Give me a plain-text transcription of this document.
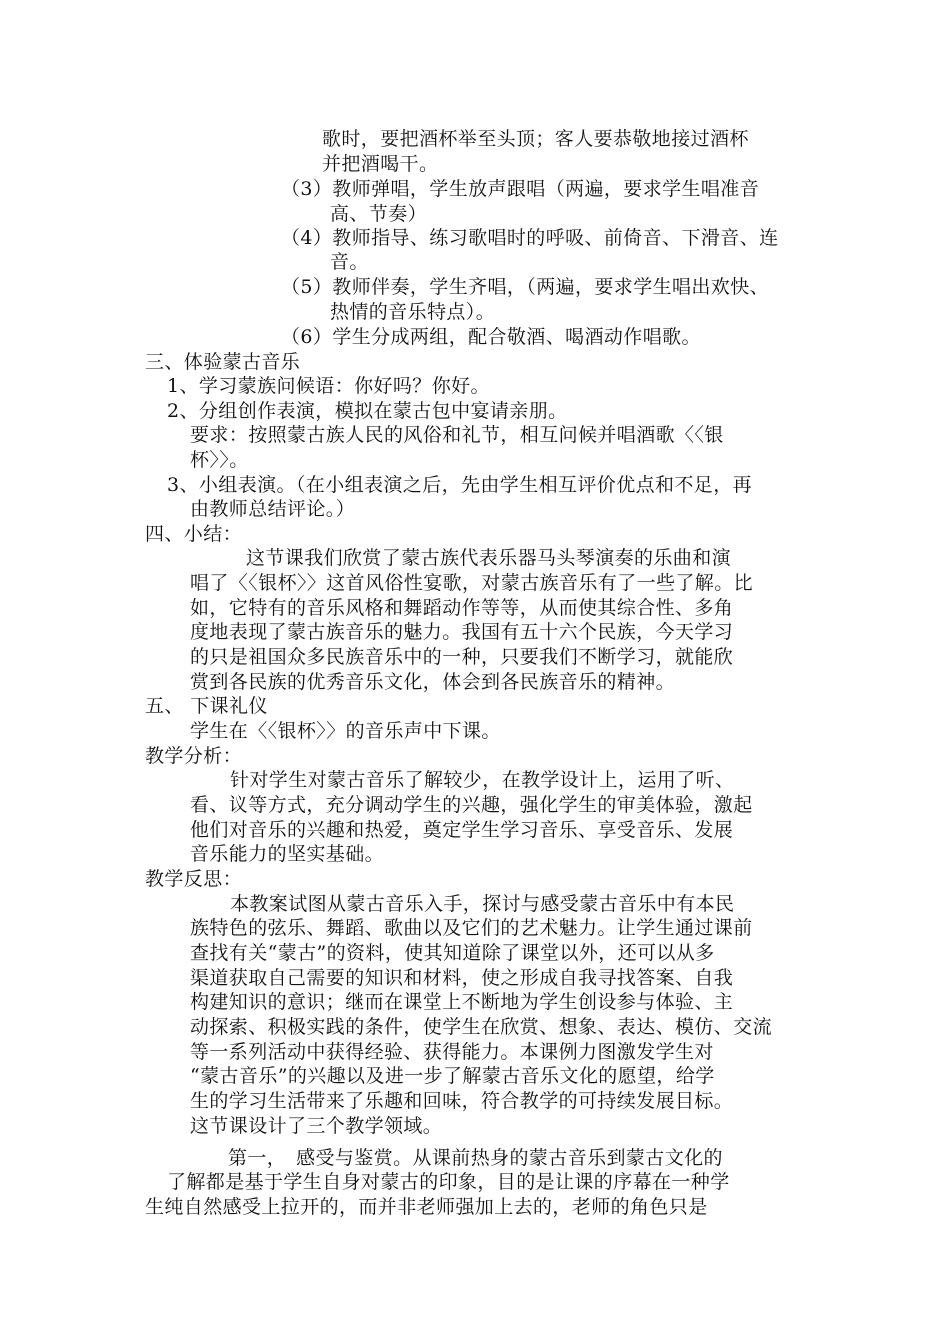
歌时，要把酒杯举至头顶；客人要恭敬地接过酒杯

并把酒喝干。

（3）教师弹唱，学生放声跟唱（两遍，要求学生唱准音

高、节奏）

（4）教师指导、练习歌唱时的呼吸、前倚音、下滑音、连

音。

（5）教师伴奏，学生齐唱，（两遍，要求学生唱出欢快、

热情的音乐特点）。

（6）学生分成两组，配合敬酒、喝酒动作唱歌。

三、体验蒙古音乐

1、学习蒙族问候语：你好吗？你好。

2、分组创作表演，模拟在蒙古包中宴请亲朋。

要求：按照蒙古族人民的风俗和礼节，相互问候并唱酒歌〈〈银

杯〉〉。

3、小组表演。（在小组表演之后，先由学生相互评价优点和不足，再

由教师总结评论。）

四、小结：

这节课我们欣赏了蒙古族代表乐器马头琴演奏的乐曲和演

唱了〈〈银杯〉〉这首风俗性宴歌，对蒙古族音乐有了一些了解。比

如，它特有的音乐风格和舞蹈动作等等，从而使其综合性、多角

度地表现了蒙古族音乐的魅力。我国有五十六个民族，今天学习

的只是祖国众多民族音乐中的一种，只要我们不断学习，就能欣

赏到各民族的优秀音乐文化，体会到各民族音乐的精神。

五、 下课礼仪

学生在〈〈银杯〉〉的音乐声中下课。

教学分析：

针对学生对蒙古音乐了解较少，在教学设计上，运用了听、

看、议等方式，充分调动学生的兴趣，强化学生的审美体验，激起

他们对音乐的兴趣和热爱，奠定学生学习音乐、享受音乐、发展

音乐能力的坚实基础。

教学反思：

本教案试图从蒙古音乐入手，探讨与感受蒙古音乐中有本民

族特色的弦乐、舞蹈、歌曲以及它们的艺术魅力。让学生通过课前

查找有关“蒙古”的资料，使其知道除了课堂以外，还可以从多

渠道获取自己需要的知识和材料，使之形成自我寻找答案、自我

构建知识的意识；继而在课堂上不断地为学生创设参与体验、主

动探索、积极实践的条件，使学生在欣赏、想象、表达、模仿、交流

等一系列活动中获得经验、获得能力。本课例力图激发学生对

“蒙古音乐”的兴趣以及进一步了解蒙古音乐文化的愿望，给学

生的学习生活带来了乐趣和回味，符合教学的可持续发展目标。

这节课设计了三个教学领域。

第一，　感受与鉴赏。从课前热身的蒙古音乐到蒙古文化的

了解都是基于学生自身对蒙古的印象，目的是让课的序幕在一种学

生纯自然感受上拉开的，而并非老师强加上去的，老师的角色只是
